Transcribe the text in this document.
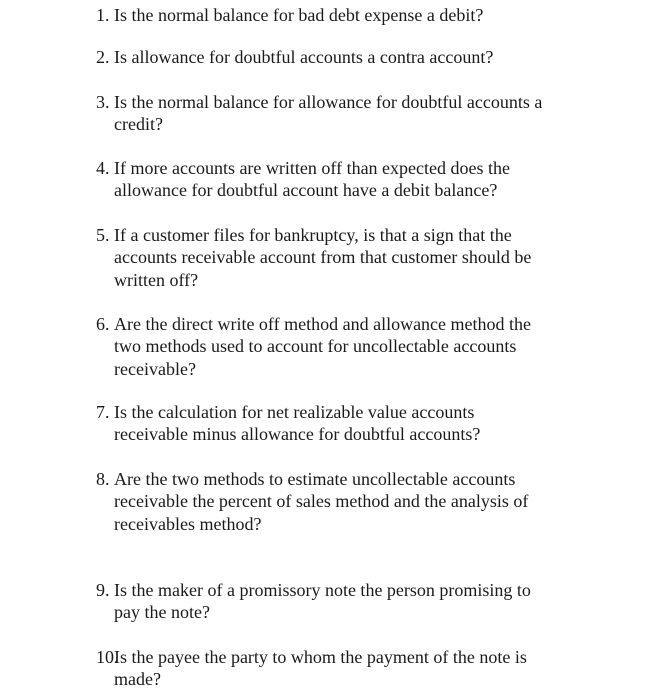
1. Is the normal balance for bad debt expense a debit?
2. Is allowance for doubtful accounts a contra account?
3. Is the normal balance for allowance for doubtful accounts a
credit?
4. If more accounts are written off than expected does the
allowance for doubtful account have a debit balance?
5. If a customer files for bankruptcy, is that a sign that the
accounts receivable account from that customer should be
written off?
6. Are the direct write off method and allowance method the
two methods used to account for uncollectable accounts
receivable?
7. Is the calculation for net realizable value accounts
receivable minus allowance for doubtful accounts?
8. Are the two methods to estimate uncollectable accounts
receivable the percent of sales method and the analysis of
receivables method?
9. Is the maker of a promissory note the person promising to
pay the note?
10.
Is the payee the party to whom the payment of the note is
made?
